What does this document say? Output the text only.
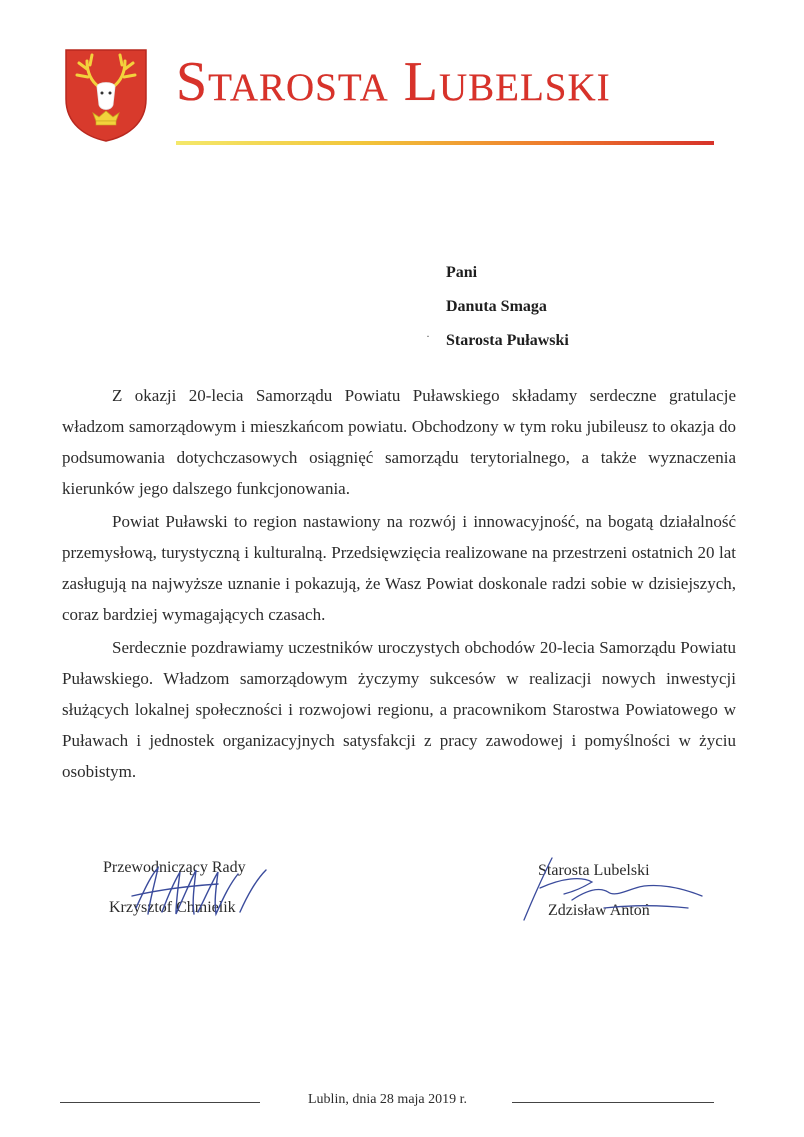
Starosta Lubelski
Pani
Danuta Smaga
Starosta Puławski
·

Z okazji 20-lecia Samorządu Powiatu Puławskiego składamy serdeczne gratulacje władzom samorządowym i mieszkańcom powiatu. Obchodzony w tym roku jubileusz to okazja do podsumowania dotychczasowych osiągnięć samorządu terytorialnego, a także wyznaczenia kierunków jego dalszego funkcjonowania.

Powiat Puławski to region nastawiony na rozwój i innowacyjność, na bogatą działalność przemysłową, turystyczną i kulturalną. Przedsięwzięcia realizowane na przestrzeni ostatnich 20 lat zasługują na najwyższe uznanie i pokazują, że Wasz Powiat doskonale radzi sobie w dzisiejszych, coraz bardziej wymagających czasach.

Serdecznie pozdrawiamy uczestników uroczystych obchodów 20-lecia Samorządu Powiatu Puławskiego. Władzom samorządowym życzymy sukcesów w realizacji nowych inwestycji służących lokalnej społeczności i rozwojowi regionu, a pracownikom Starostwa Powiatowego w Puławach i jednostek organizacyjnych satysfakcji z pracy zawodowej i pomyślności w życiu osobistym.

Przewodniczący Rady
Krzysztof Chmielik
Starosta Lubelski
Zdzisław Antoń
Lublin, dnia 28 maja 2019 r.
